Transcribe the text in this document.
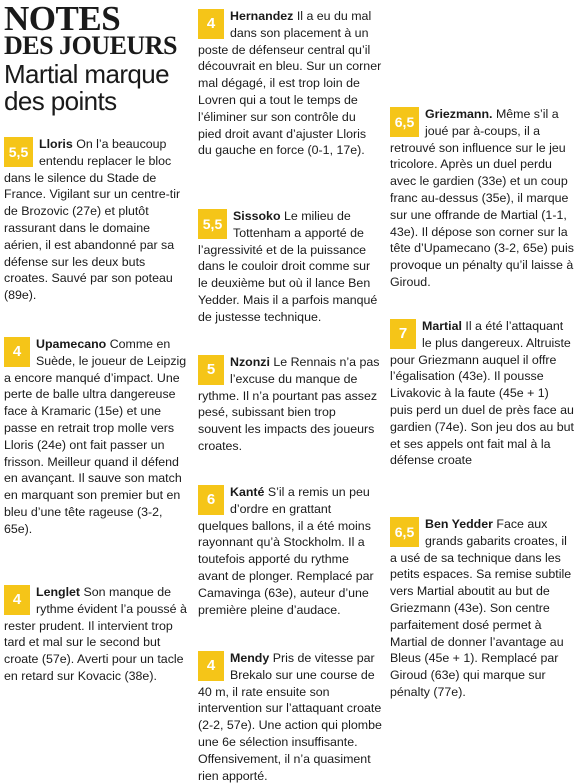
NOTES
DES JOUEURS
Martial marque des points
5,5 Lloris On l’a beaucoup entendu replacer le bloc dans le silence du Stade de France. Vigilant sur un centre-tir de Brozovic (27e) et plutôt rassurant dans le domaine aérien, il est abandonné par sa défense sur les deux buts croates. Sauvé par son poteau (89e).

4	Upamecano Comme en Suède, le joueur de Leipzig a encore manqué d’impact. Une perte de balle ultra dangereuse face à Kramaric (15e) et une passe en retrait trop molle vers Lloris (24e) ont fait passer un frisson. Meilleur quand il défend en avançant. Il sauve son match en marquant son premier but en bleu d’une tête rageuse (3-2, 65e).

4	Lenglet Son manque de rythme évident l’a poussé à rester prudent. Il intervient trop tard et mal sur le second but croate (57e). Averti pour un tacle en retard sur Kovacic (38e).

4	Hernandez Il a eu du mal dans son placement à un poste de défenseur central qu’il découvrait en bleu. Sur un corner mal dégagé, il est trop loin de Lovren qui a tout le temps de l’éliminer sur son contrôle du pied droit avant d’ajuster Lloris du gauche en force (0-1, 17e).

5,5 Sissoko Le milieu de Tottenham a apporté de l’agressivité et de la puissance dans le couloir droit comme sur le deuxième but où il lance Ben Yedder. Mais il a parfois manqué de justesse technique.

5	Nzonzi Le Rennais n’a pas l’excuse du manque de rythme. Il n’a pourtant pas assez pesé, subissant bien trop souvent les impacts des joueurs croates.

6	Kanté S’il a remis un peu d’ordre en grattant quelques ballons, il a été moins rayonnant qu’à Stockholm. Il a toutefois apporté du rythme avant de plonger. Remplacé par Camavinga (63e), auteur d’une première pleine d’audace.

4	Mendy Pris de vitesse par Brekalo sur une course de 40 m, il rate ensuite son intervention sur l’attaquant croate (2-2, 57e). Une action qui plombe une 6e sélection insuffisante. Offensivement, il n’a quasiment rien apporté.

6,5 Griezmann. Même s’il a joué par à-coups, il a retrouvé son influence sur le jeu tricolore. Après un duel perdu avec le gardien (33e) et un coup franc au-dessus (35e), il marque sur une offrande de Martial (1-1, 43e). Il dépose son corner sur la tête d’Upamecano (3-2, 65e) puis provoque un pénalty qu’il laisse à Giroud.

7	Martial Il a été l’attaquant le plus dangereux. Altruiste pour Griezmann auquel il offre l’égalisation (43e). Il pousse Livakovic à la faute (45e + 1) puis perd un duel de près face au gardien (74e). Son jeu dos au but et ses appels ont fait mal à la défense croate

6,5 Ben Yedder Face aux grands gabarits croates, il a usé de sa technique dans les petits espaces. Sa remise subtile vers Martial aboutit au but de Griezmann (43e). Son centre parfaitement dosé permet à Martial de donner l’avantage au Bleus (45e + 1). Remplacé par Giroud (63e) qui marque sur pénalty (77e).
